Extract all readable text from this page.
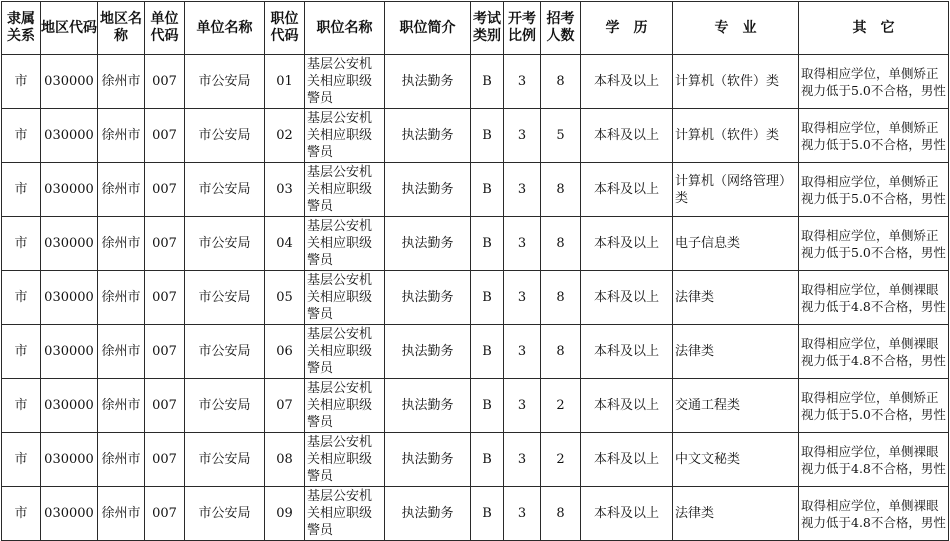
隶属关系	地区代码	地区名称	单位代码	单位名称	职位代码	职位名称	职位简介	考试类别	开考比例	招考人数	学　历	专　业	其　它
市	030000	徐州市	007	市公安局	01	基层公安机关相应职级警员	执法勤务	B	3	8	本科及以上	计算机（软件）类	取得相应学位，单侧矫正视力低于5.0不合格，男性
市	030000	徐州市	007	市公安局	02	基层公安机关相应职级警员	执法勤务	B	3	5	本科及以上	计算机（软件）类	取得相应学位，单侧矫正视力低于5.0不合格，男性
市	030000	徐州市	007	市公安局	03	基层公安机关相应职级警员	执法勤务	B	3	8	本科及以上	计算机（网络管理）类	取得相应学位，单侧矫正视力低于5.0不合格，男性
市	030000	徐州市	007	市公安局	04	基层公安机关相应职级警员	执法勤务	B	3	8	本科及以上	电子信息类	取得相应学位，单侧矫正视力低于5.0不合格，男性
市	030000	徐州市	007	市公安局	05	基层公安机关相应职级警员	执法勤务	B	3	8	本科及以上	法律类	取得相应学位，单侧裸眼视力低于4.8不合格，男性
市	030000	徐州市	007	市公安局	06	基层公安机关相应职级警员	执法勤务	B	3	8	本科及以上	法律类	取得相应学位，单侧裸眼视力低于4.8不合格，男性
市	030000	徐州市	007	市公安局	07	基层公安机关相应职级警员	执法勤务	B	3	2	本科及以上	交通工程类	取得相应学位，单侧矫正视力低于5.0不合格，男性
市	030000	徐州市	007	市公安局	08	基层公安机关相应职级警员	执法勤务	B	3	2	本科及以上	中文文秘类	取得相应学位，单侧裸眼视力低于4.8不合格，男性
市	030000	徐州市	007	市公安局	09	基层公安机关相应职级警员	执法勤务	B	3	8	本科及以上	法律类	取得相应学位，单侧裸眼视力低于4.8不合格，男性
